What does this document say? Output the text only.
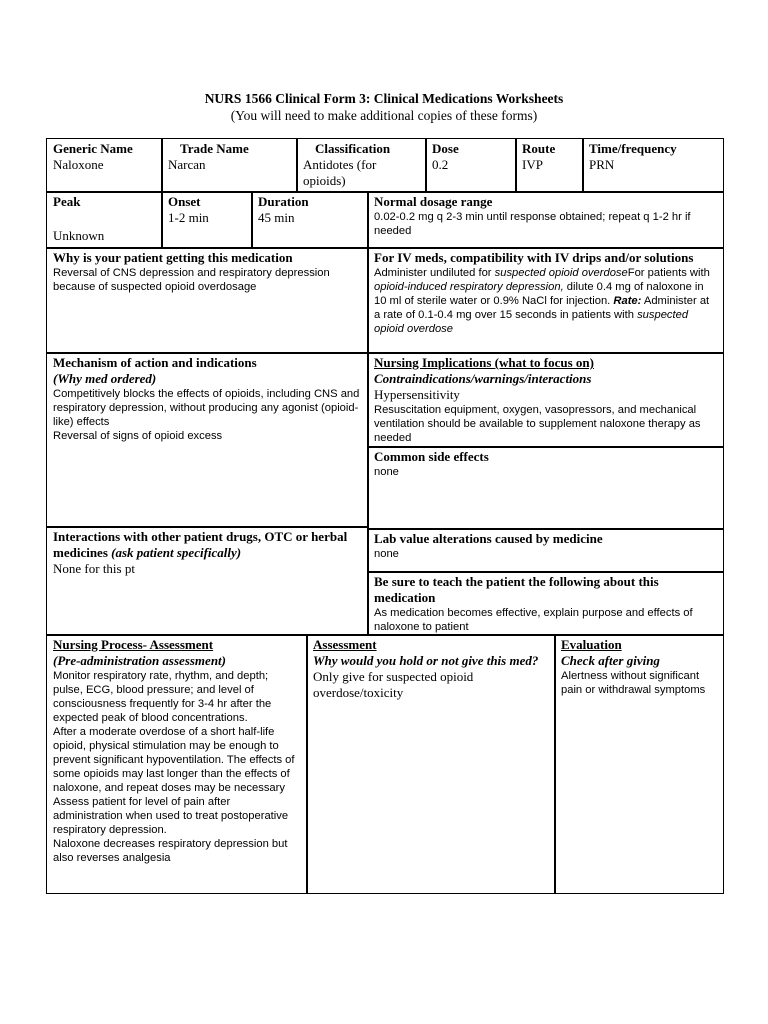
NURS 1566 Clinical Form 3: Clinical Medications Worksheets
(You will need to make additional copies of these forms)
Generic Name
Naloxone
Trade Name
Narcan
Classification
Antidotes (for opioids)
Dose
0.2
Route
IVP
Time/frequency
PRN
Peak
Unknown
Onset
1-2 min
Duration
45 min
Normal dosage range
0.02-0.2 mg q 2-3 min until response obtained; repeat q 1-2 hr if needed
Why is your patient getting this medication
Reversal of CNS depression and respiratory depression because of suspected opioid overdosage
For IV meds, compatibility with IV drips and/or solutions
Administer undiluted for suspected opioid overdoseFor patients with opioid-induced respiratory depression, dilute 0.4 mg of naloxone in 10 ml of sterile water or 0.9% NaCl for injection. Rate: Administer at a rate of 0.1-0.4 mg over 15 seconds in patients with suspected opioid overdose
Mechanism of action and indications
(Why med ordered)
Competitively blocks the effects of opioids, including CNS and respiratory depression, without producing any agonist (opioid-like) effects
Reversal of signs of opioid excess
Nursing Implications (what to focus on)
Contraindications/warnings/interactions
Hypersensitivity
Resuscitation equipment, oxygen, vasopressors, and mechanical ventilation should be available to supplement naloxone therapy as needed
Common side effects
none
Interactions with other patient drugs, OTC or herbal medicines (ask patient specifically)
None for this pt
Lab value alterations caused by medicine
none
Be sure to teach the patient the following about this medication
As medication becomes effective, explain purpose and effects of naloxone to patient
Nursing Process- Assessment
(Pre-administration assessment)
Monitor respiratory rate, rhythm, and depth; pulse, ECG, blood pressure; and level of consciousness frequently for 3-4 hr after the expected peak of blood concentrations.
After a moderate overdose of a short half-life opioid, physical stimulation may be enough to prevent significant hypoventilation. The effects of some opioids may last longer than the effects of naloxone, and repeat doses may be necessary
Assess patient for level of pain after administration when used to treat postoperative respiratory depression.
Naloxone decreases respiratory depression but also reverses analgesia
Assessment
Why would you hold or not give this med?
Only give for suspected opioid overdose/toxicity
Evaluation
Check after giving
Alertness without significant pain or withdrawal symptoms
